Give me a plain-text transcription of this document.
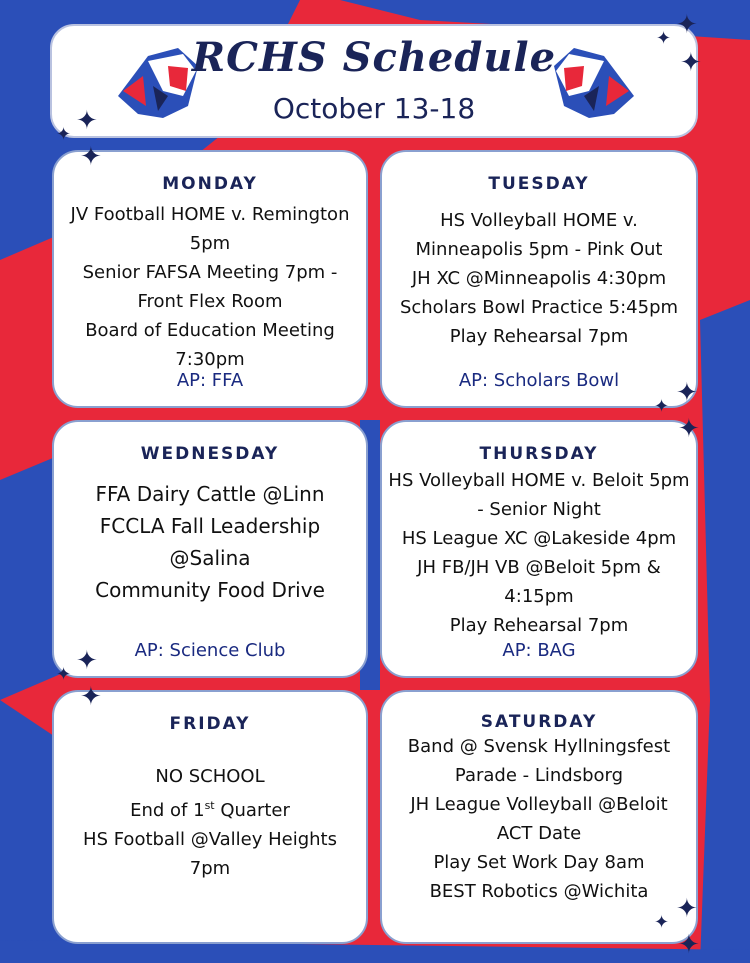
RCHS Schedule
October 13-18
MONDAY
JV Football HOME v. Remington
5pm
Senior FAFSA Meeting 7pm -
Front Flex Room
Board of Education Meeting
7:30pm
AP: FFA
TUESDAY
HS Volleyball HOME v.
Minneapolis 5pm - Pink Out
JH XC @Minneapolis 4:30pm
Scholars Bowl Practice 5:45pm
Play Rehearsal 7pm
AP: Scholars Bowl
WEDNESDAY
FFA Dairy Cattle @Linn
FCCLA Fall Leadership
@Salina
Community Food Drive
AP: Science Club
THURSDAY
HS Volleyball HOME v. Beloit 5pm
- Senior Night
HS League XC @Lakeside 4pm
JH FB/JH VB @Beloit 5pm &
4:15pm
Play Rehearsal 7pm
AP: BAG
FRIDAY
NO SCHOOL
End of 1st Quarter
HS Football @Valley Heights
7pm
SATURDAY
Band @ Svensk Hyllningsfest
Parade - Lindsborg
JH League Volleyball @Beloit
ACT Date
Play Set Work Day 8am
BEST Robotics @Wichita
✦
✦
✦
✦
✦
✦
✦
✦
✦
✦
✦
✦
✦
✦
✦
